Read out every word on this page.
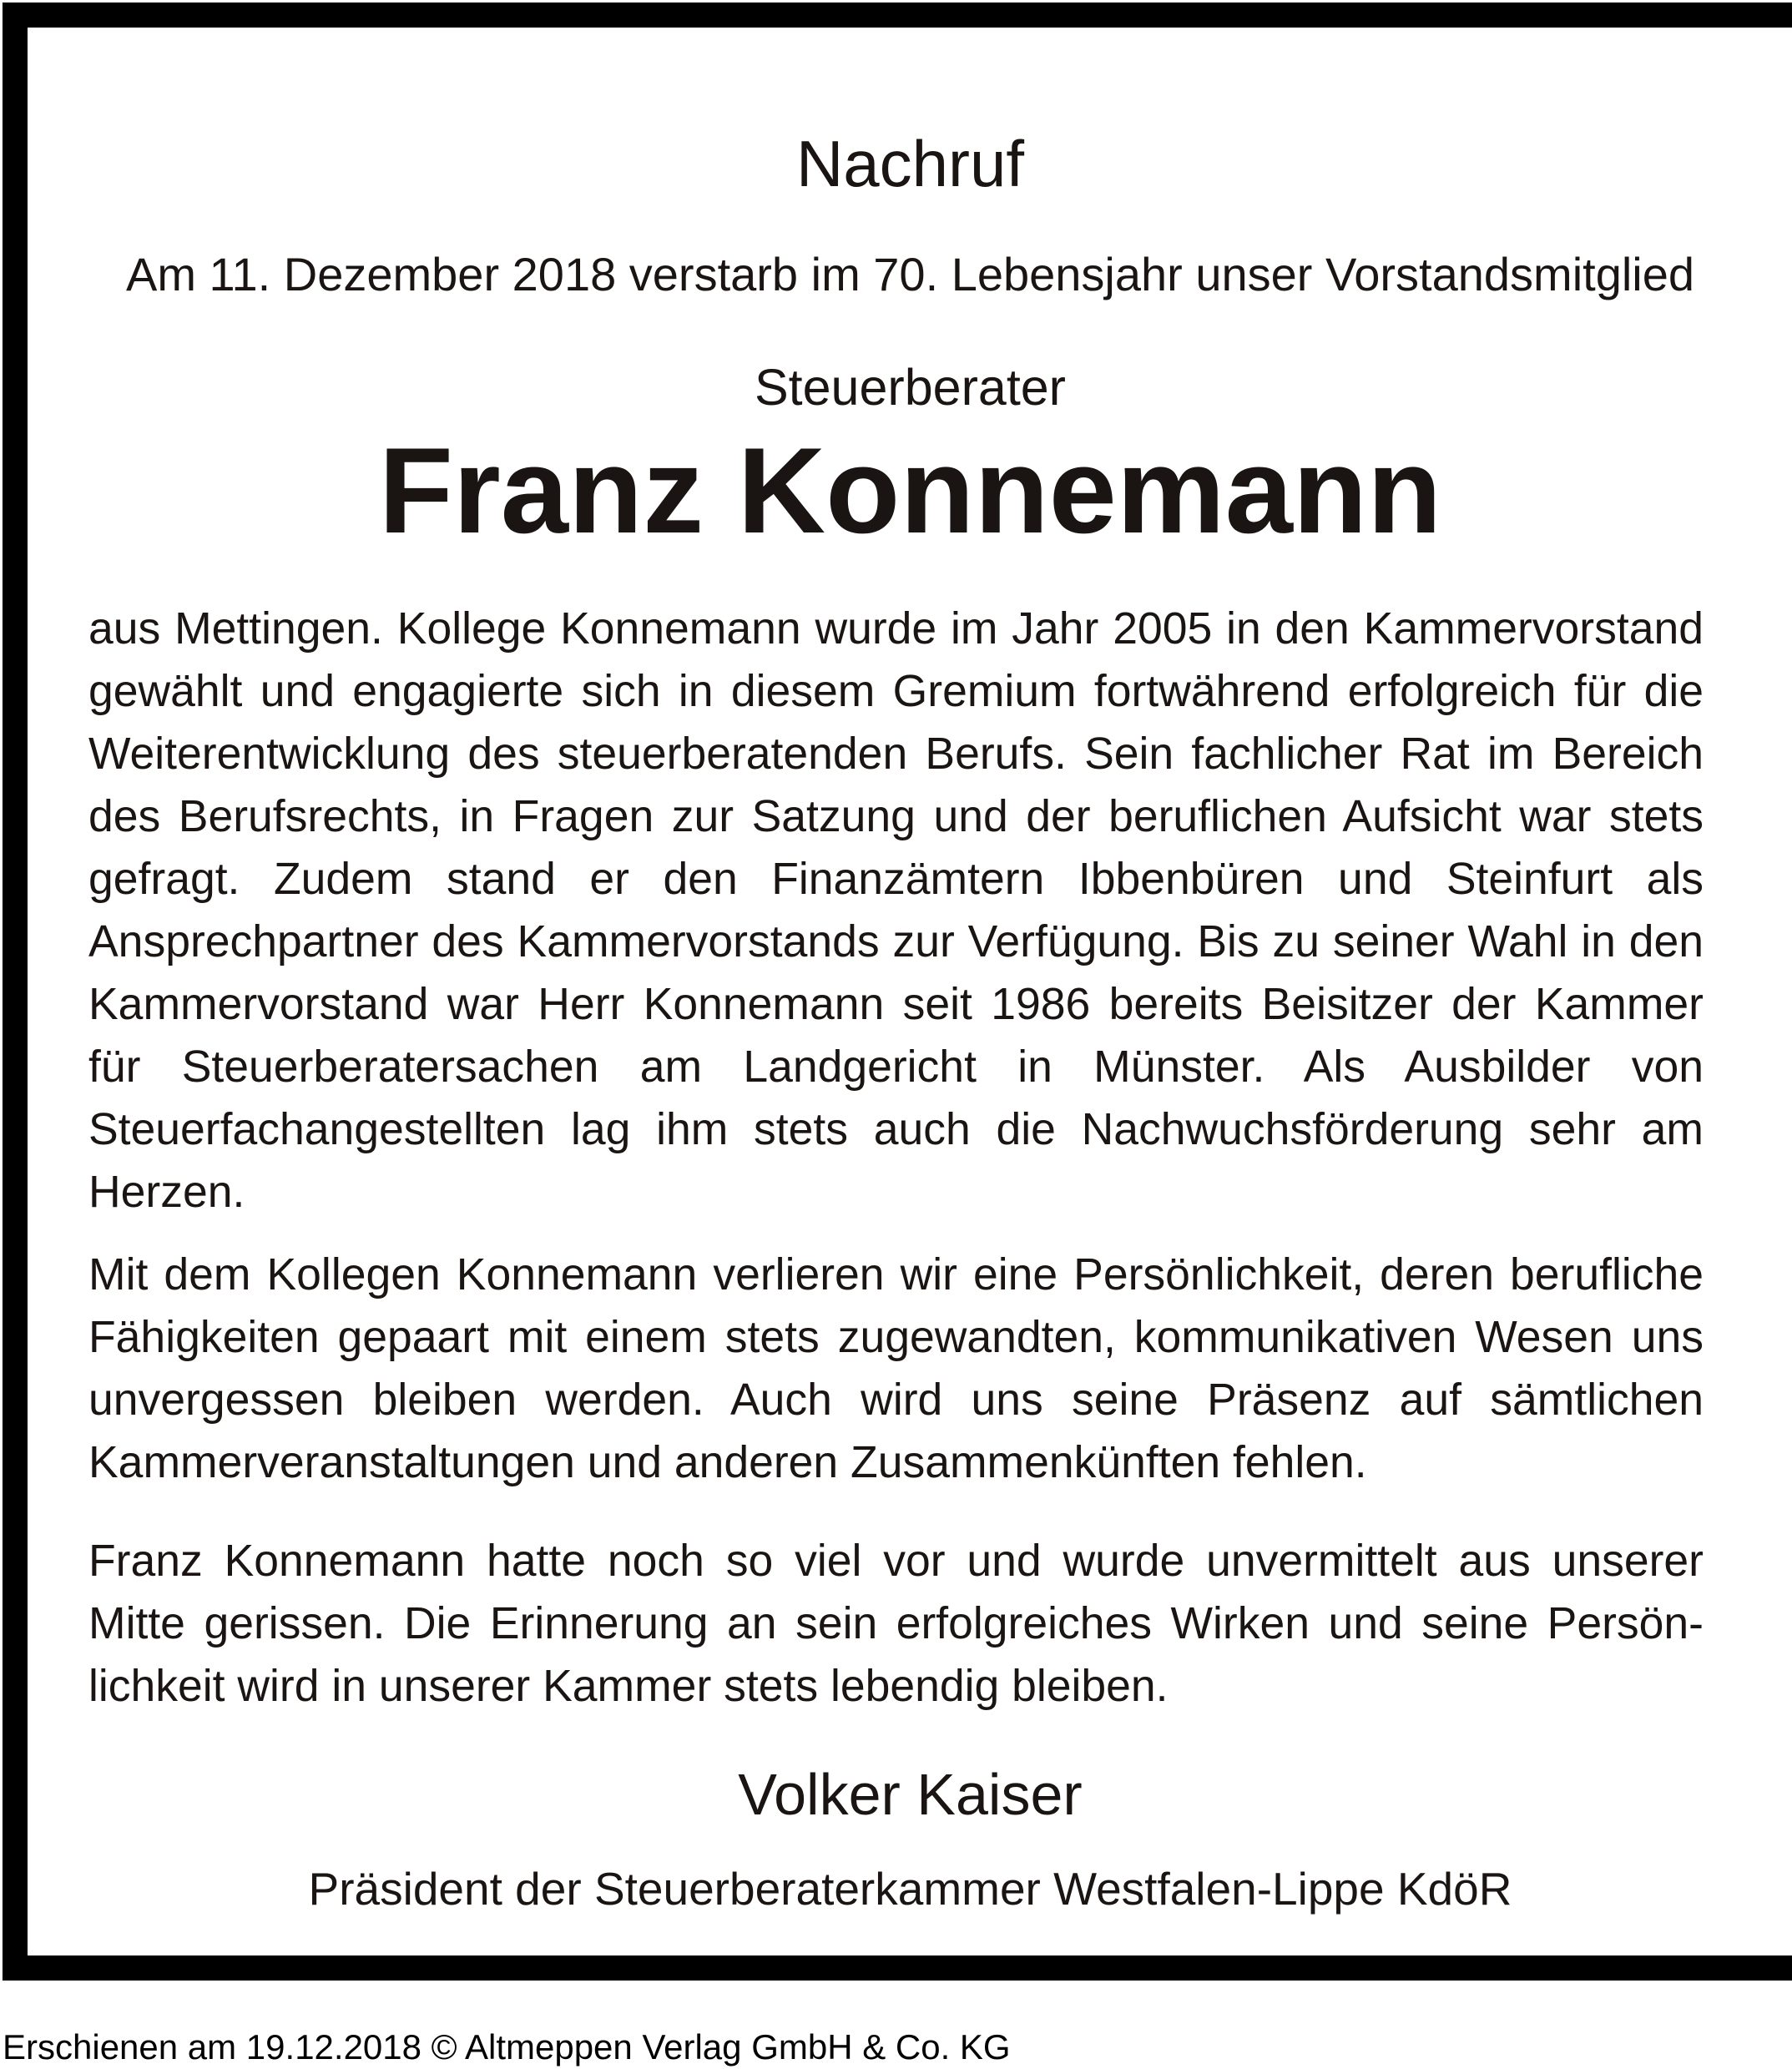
Nachruf

Am 11. Dezember 2018 verstarb im 70. Lebensjahr unser Vorstandsmitglied

Steuerberater

Franz Konnemann

aus Mettingen. Kollege Konnemann wurde im Jahr 2005 in den Kammervorstand gewählt und engagierte sich in diesem Gremium fortwährend erfolgreich für die Weiterentwicklung des steuerberatenden Berufs. Sein fachlicher Rat im Bereich des Berufsrechts, in Fragen zur Satzung und der beruflichen Aufsicht war stets gefragt. Zudem stand er den Finanzämtern Ibbenbüren und Steinfurt als Ansprechpartner des Kammervorstands zur Verfügung. Bis zu seiner Wahl in den Kammervorstand war Herr Konnemann seit 1986 bereits Beisitzer der Kammer für Steuerberatersachen am Landgericht in Münster. Als Ausbilder von Steuerfachangestellten lag ihm stets auch die Nachwuchsförderung sehr am Herzen.

Mit dem Kollegen Konnemann verlieren wir eine Persönlichkeit, deren berufliche Fähigkeiten gepaart mit einem stets zugewandten, kommunikativen Wesen uns unvergessen bleiben werden. Auch wird uns seine Präsenz auf sämtlichen Kammerveranstaltungen und anderen Zusammenkünften fehlen.

Franz Konnemann hatte noch so viel vor und wurde unvermittelt aus unserer Mitte gerissen. Die Erinnerung an sein erfolgreiches Wirken und seine Persönlichkeit wird in unserer Kammer stets lebendig bleiben.

Volker Kaiser

Präsident der Steuerberaterkammer Westfalen-Lippe KdöR

Erschienen am 19.12.2018 © Altmeppen Verlag GmbH & Co. KG
